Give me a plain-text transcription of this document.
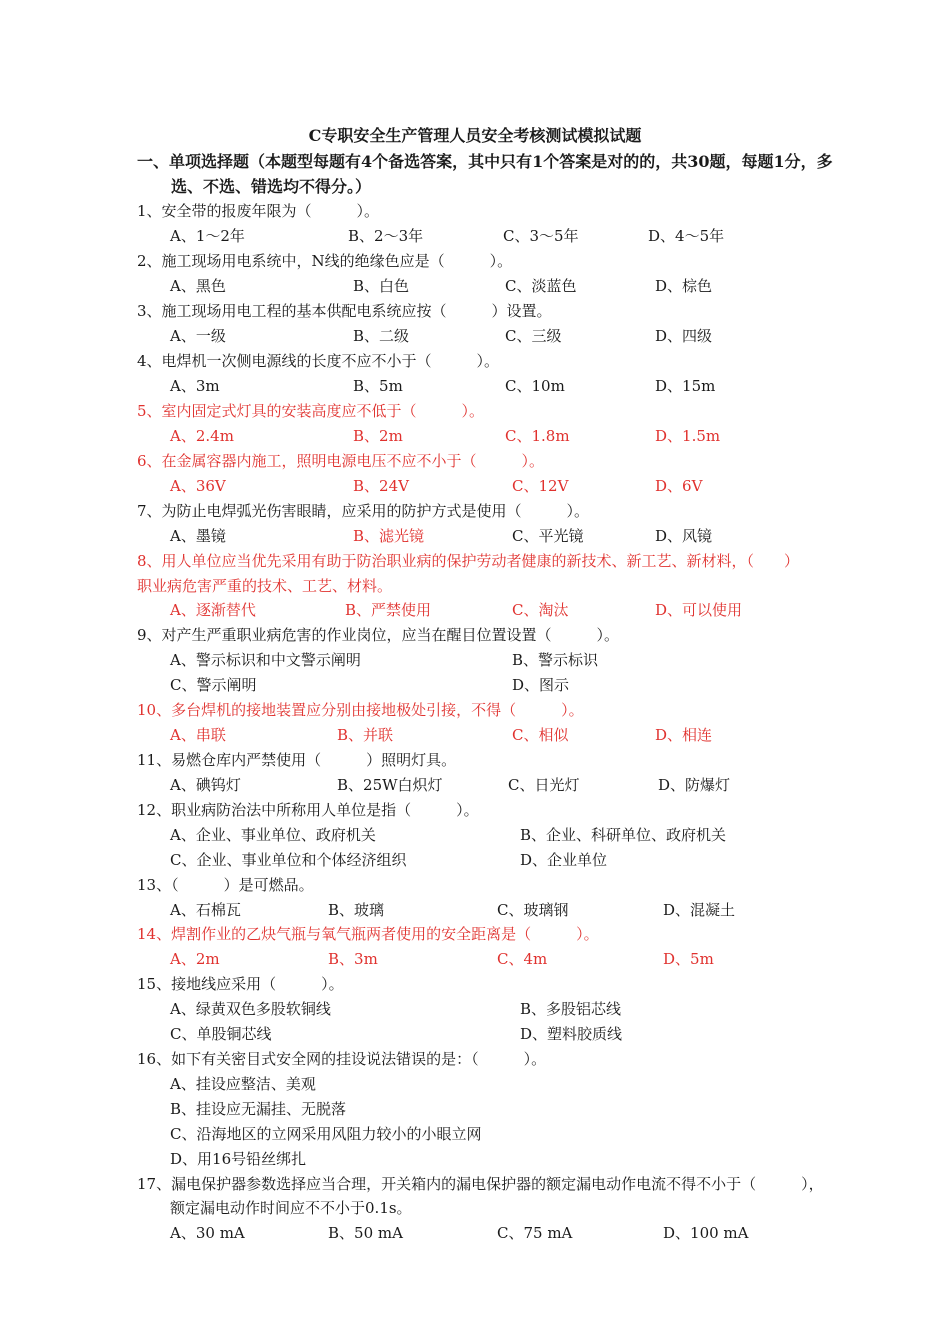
C专职安全生产管理人员安全考核测试模拟试题
一、单项选择题（本题型每题有4个备选答案，其中只有1个答案是对的的，共30题，每题1分，多
选、不选、错选均不得分。）
1、安全带的报废年限为（　　　）。
A、1～2年	B、2～3年	C、3～5年	D、4～5年
2、施工现场用电系统中，N线的绝缘色应是（　　　）。
A、黑色	B、白色	C、淡蓝色	D、棕色
3、施工现场用电工程的基本供配电系统应按（　　　）设置。
A、一级	B、二级	C、三级	D、四级
4、电焊机一次侧电源线的长度不应不小于（　　　）。
A、3m	B、5m	C、10m	D、15m
5、室内固定式灯具的安装高度应不低于（　　　）。
A、2.4m	B、2m	C、1.8m	D、1.5m
6、在金属容器内施工，照明电源电压不应不小于（　　　）。
A、36V	B、24V	C、12V	D、6V
7、为防止电焊弧光伤害眼睛，应采用的防护方式是使用（　　　）。
A、墨镜	B、滤光镜	C、平光镜	D、风镜
8、用人单位应当优先采用有助于防治职业病的保护劳动者健康的新技术、新工艺、新材料，（　　）
职业病危害严重的技术、工艺、材料。
A、逐渐替代	B、严禁使用	C、淘汰	D、可以使用
9、对产生严重职业病危害的作业岗位，应当在醒目位置设置（　　　）。
A、警示标识和中文警示阐明	B、警示标识
C、警示阐明	D、图示
10、多台焊机的接地装置应分别由接地极处引接，不得（　　　）。
A、串联	B、并联	C、相似	D、相连
11、易燃仓库内严禁使用（　　　）照明灯具。
A、碘钨灯	B、25W白炽灯	C、日光灯	D、防爆灯
12、职业病防治法中所称用人单位是指（　　　）。
A、企业、事业单位、政府机关	B、企业、科研单位、政府机关
C、企业、事业单位和个体经济组织	D、企业单位
13、（　　　）是可燃品。
A、石棉瓦	B、玻璃	C、玻璃钢	D、混凝土
14、焊割作业的乙炔气瓶与氧气瓶两者使用的安全距离是（　　　）。
A、2m	B、3m	C、4m	D、5m
15、接地线应采用（　　　）。
A、绿黄双色多股软铜线	B、多股铝芯线
C、单股铜芯线	D、塑料胶质线
16、如下有关密目式安全网的挂设说法错误的是：（　　　）。
A、挂设应整洁、美观
B、挂设应无漏挂、无脱落
C、沿海地区的立网采用风阻力较小的小眼立网
D、用16号铅丝绑扎
17、漏电保护器参数选择应当合理，开关箱内的漏电保护器的额定漏电动作电流不得不小于（　　　），
额定漏电动作时间应不不小于0.1s。
A、30 mA	B、50 mA	C、75 mA	D、100 mA
